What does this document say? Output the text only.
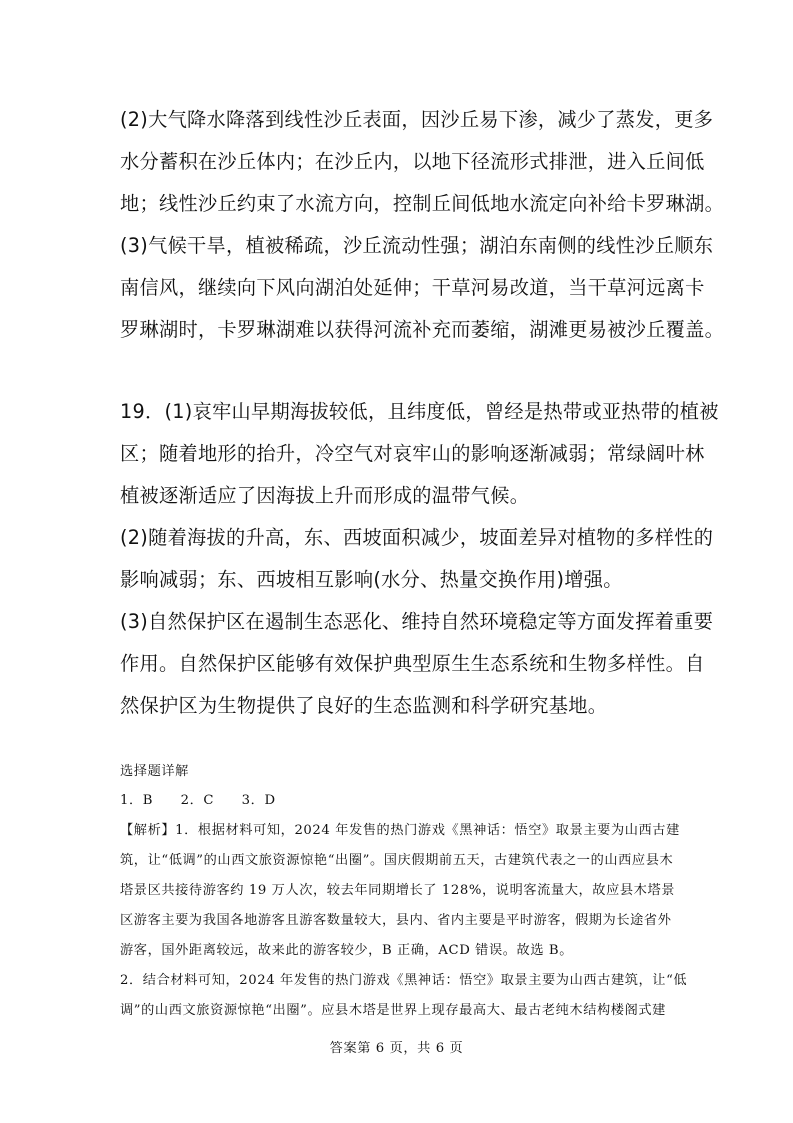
(2)大气降水降落到线性沙丘表面，因沙丘易下渗，减少了蒸发，更多
水分蓄积在沙丘体内；在沙丘内，以地下径流形式排泄，进入丘间低
地；线性沙丘约束了水流方向，控制丘间低地水流定向补给卡罗琳湖。
(3)气候干旱，植被稀疏，沙丘流动性强；湖泊东南侧的线性沙丘顺东
南信风，继续向下风向湖泊处延伸；干草河易改道，当干草河远离卡
罗琳湖时，卡罗琳湖难以获得河流补充而萎缩，湖滩更易被沙丘覆盖。
19．(1)哀牢山早期海拔较低，且纬度低，曾经是热带或亚热带的植被
区；随着地形的抬升，冷空气对哀牢山的影响逐渐减弱；常绿阔叶林
植被逐渐适应了因海拔上升而形成的温带气候。
(2)随着海拔的升高，东、西坡面积减少，坡面差异对植物的多样性的
影响减弱；东、西坡相互影响(水分、热量交换作用)增强。
(3)自然保护区在遏制生态恶化、维持自然环境稳定等方面发挥着重要
作用。自然保护区能够有效保护典型原生生态系统和生物多样性。自
然保护区为生物提供了良好的生态监测和科学研究基地。
选择题详解
1．B　　2．C　　3．D
【解析】1．根据材料可知，2024 年发售的热门游戏《黑神话：悟空》取景主要为山西古建
筑，让“低调”的山西文旅资源惊艳“出圈”。国庆假期前五天，古建筑代表之一的山西应县木
塔景区共接待游客约 19 万人次，较去年同期增长了 128%，说明客流量大，故应县木塔景
区游客主要为我国各地游客且游客数量较大，县内、省内主要是平时游客，假期为长途省外
游客，国外距离较远，故来此的游客较少，B 正确，ACD 错误。故选 B。
2．结合材料可知，2024 年发售的热门游戏《黑神话：悟空》取景主要为山西古建筑，让“低
调”的山西文旅资源惊艳“出圈”。应县木塔是世界上现存最高大、最古老纯木结构楼阁式建
答案第 6 页，共 6 页
